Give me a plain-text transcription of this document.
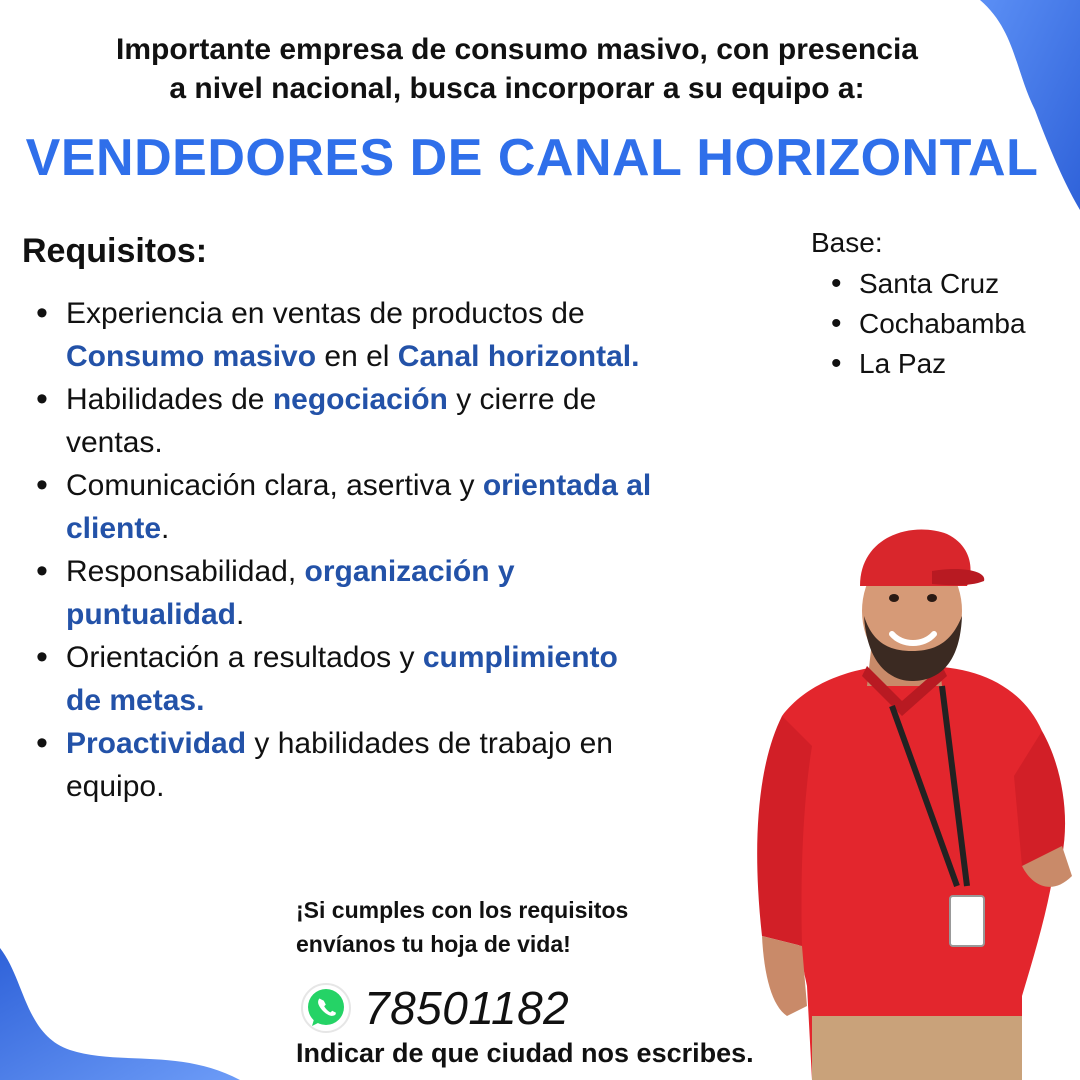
Importante empresa de consumo masivo, con presencia
a nivel nacional, busca incorporar a su equipo a:
VENDEDORES DE CANAL HORIZONTAL
Requisitos:
• Experiencia en ventas de productos de Consumo masivo en el Canal horizontal.
• Habilidades de negociación y cierre de ventas.
• Comunicación clara, asertiva y orientada al cliente.
• Responsabilidad, organización y puntualidad.
• Orientación a resultados y cumplimiento de metas.
• Proactividad y habilidades de trabajo en equipo.
Base:
• Santa Cruz
• Cochabamba
• La Paz
¡Si cumples con los requisitos
envíanos tu hoja de vida!
78501182
Indicar de que ciudad nos escribes.
